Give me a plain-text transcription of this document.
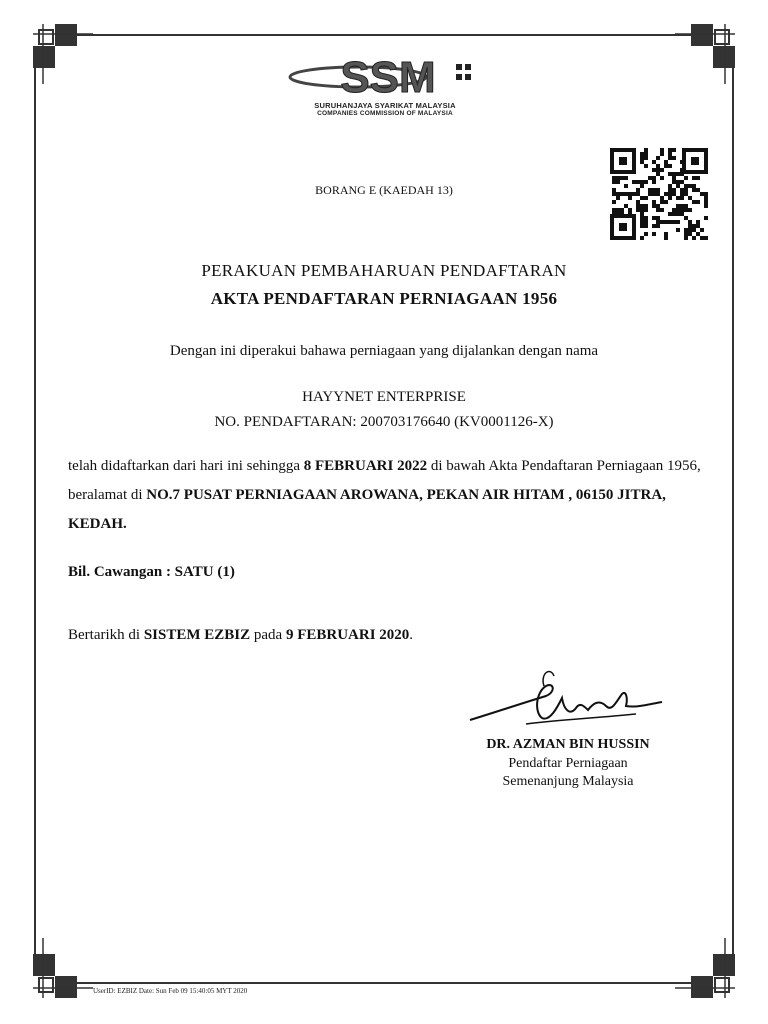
SSM
SURUHANJAYA SYARIKAT MALAYSIA
COMPANIES COMMISSION OF MALAYSIA
BORANG E (KAEDAH 13)
PERAKUAN PEMBAHARUAN PENDAFTARAN
AKTA PENDAFTARAN PERNIAGAAN 1956
Dengan ini diperakui bahawa perniagaan yang dijalankan dengan nama
HAYYNET ENTERPRISE
NO. PENDAFTARAN: 200703176640 (KV0001126-X)
telah didaftarkan dari hari ini sehingga 8 FEBRUARI 2022 di bawah Akta Pendaftaran Perniagaan 1956, beralamat di NO.7 PUSAT PERNIAGAAN AROWANA, PEKAN AIR HITAM , 06150 JITRA, KEDAH.
Bil. Cawangan : SATU (1)
Bertarikh di SISTEM EZBIZ pada 9 FEBRUARI 2020.
DR. AZMAN BIN HUSSIN
Pendaftar Perniagaan
Semenanjung Malaysia
UserID: EZBIZ Date: Sun Feb 09 15:40:05 MYT 2020
